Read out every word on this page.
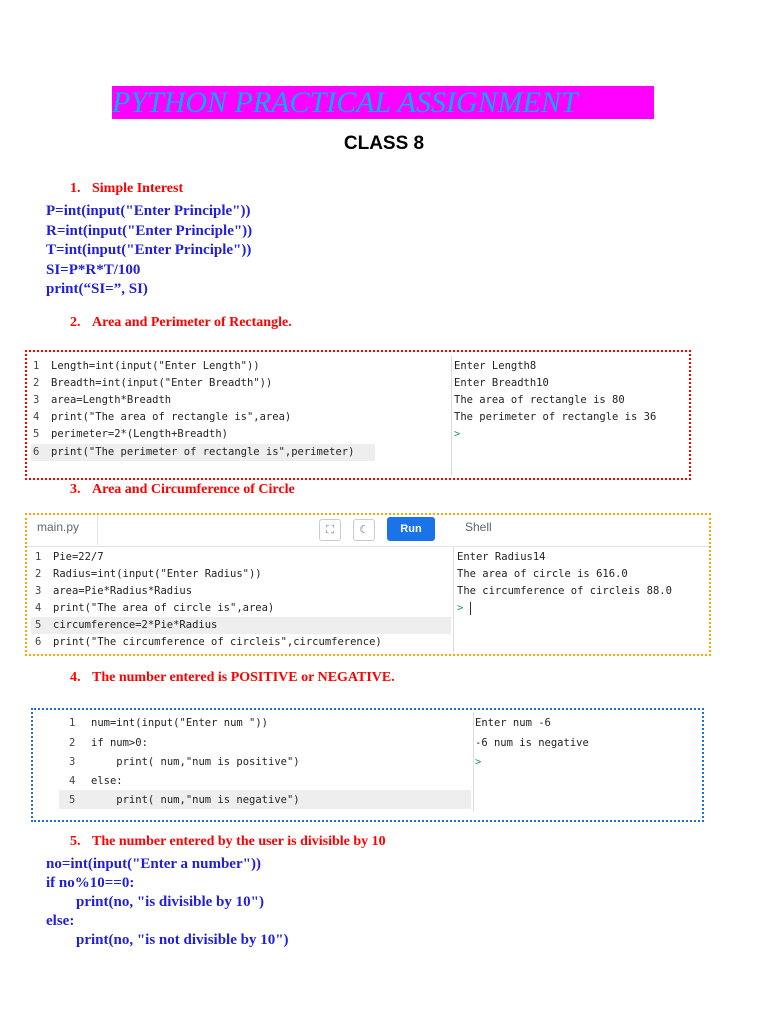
PYTHON PRACTICAL ASSIGNMENT
CLASS 8
1. Simple Interest
P=int(input("Enter Principle"))
R=int(input("Enter Principle"))
T=int(input("Enter Principle"))
SI=P*R*T/100
print(“SI=”, SI)
2. Area and Perimeter of Rectangle.

1 Length=int(input("Enter Length"))

2 Breadth=int(input("Enter Breadth"))

3 area=Length*Breadth

4 print("The area of rectangle is",area)

5 perimeter=2*(Length+Breadth)

6 print("The perimeter of rectangle is",perimeter)

Enter Length8

Enter Breadth10

The area of rectangle is 80

The perimeter of rectangle is 36

>

3. Area and Circumference of Circle
main.py	⛶	☾	Run	Shell

1 Pie=22/7

2 Radius=int(input("Enter Radius"))

3 area=Pie*Radius*Radius

4 print("The area of circle is",area)

5 circumference=2*Pie*Radius

6 print("The circumference of circleis",circumference)

Enter Radius14

The area of circle is 616.0

The circumference of circleis 88.0

>

4. The number entered is POSITIVE or NEGATIVE.

1 num=int(input("Enter num "))

2 if num>0:

3    print( num,"num is positive")

4 else:

5    print( num,"num is negative")

Enter num -6

-6 num is negative

>

5. The number entered by the user is divisible by 10
no=int(input("Enter a number"))
if no%10==0:
print(no, "is divisible by 10")
else:
print(no, "is not divisible by 10")
